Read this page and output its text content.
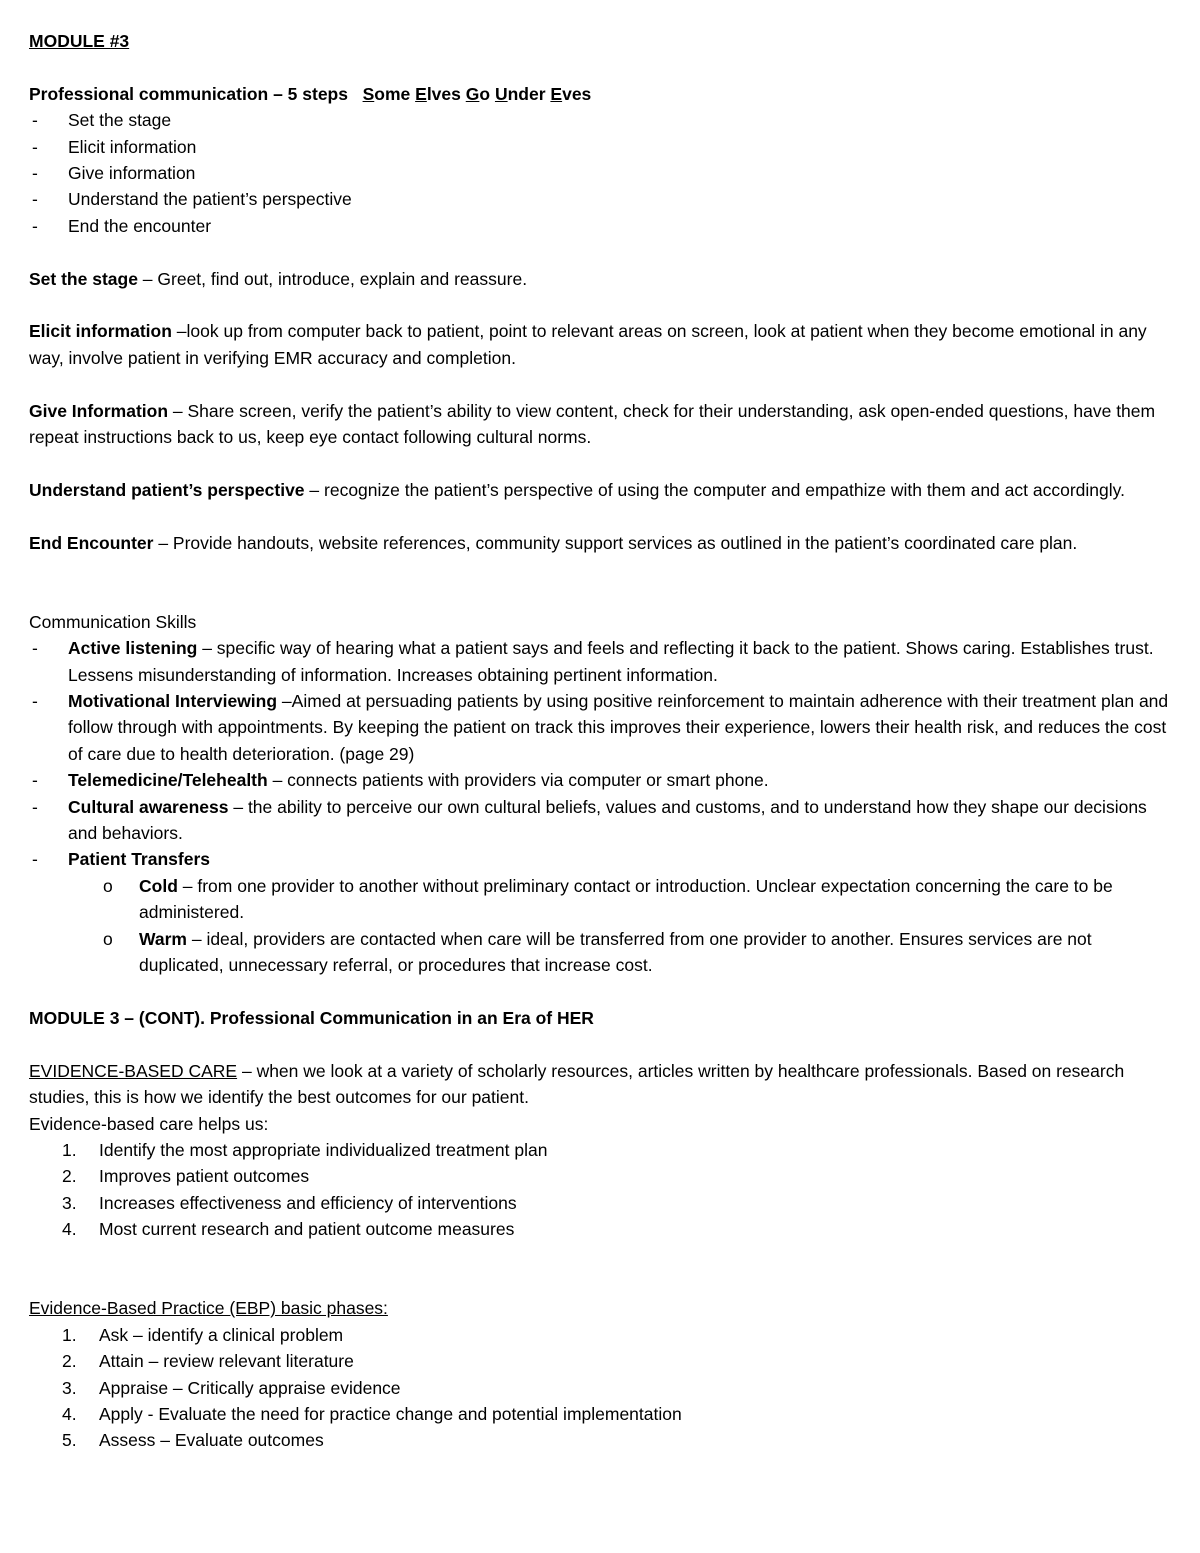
MODULE #3

Professional communication – 5 steps Some Elves Go Under Eves

- Set the stage
- Elicit information
- Give information
- Understand the patient’s perspective
- End the encounter

Set the stage – Greet, find out, introduce, explain and reassure.

Elicit information –look up from computer back to patient, point to relevant areas on screen, look at patient when they become emotional in any way, involve patient in verifying EMR accuracy and completion.

Give Information – Share screen, verify the patient’s ability to view content, check for their understanding, ask open-ended questions, have them repeat instructions back to us, keep eye contact following cultural norms.

Understand patient’s perspective – recognize the patient’s perspective of using the computer and empathize with them and act accordingly.

End Encounter – Provide handouts, website references, community support services as outlined in the patient’s coordinated care plan.

Communication Skills

- Active listening – specific way of hearing what a patient says and feels and reflecting it back to the patient. Shows caring. Establishes trust. Lessens misunderstanding of information. Increases obtaining pertinent information.
- Motivational Interviewing –Aimed at persuading patients by using positive reinforcement to maintain adherence with their treatment plan and follow through with appointments. By keeping the patient on track this improves their experience, lowers their health risk, and reduces the cost of care due to health deterioration. (page 29)
- Telemedicine/Telehealth – connects patients with providers via computer or smart phone.
- Cultural awareness – the ability to perceive our own cultural beliefs, values and customs, and to understand how they shape our decisions and behaviors.
- Patient Transfers
o Cold – from one provider to another without preliminary contact or introduction. Unclear expectation concerning the care to be administered.
o Warm – ideal, providers are contacted when care will be transferred from one provider to another. Ensures services are not duplicated, unnecessary referral, or procedures that increase cost.

MODULE 3 – (CONT). Professional Communication in an Era of HER

EVIDENCE-BASED CARE – when we look at a variety of scholarly resources, articles written by healthcare professionals. Based on research studies, this is how we identify the best outcomes for our patient.

Evidence-based care helps us:

1. Identify the most appropriate individualized treatment plan
2. Improves patient outcomes
3. Increases effectiveness and efficiency of interventions
4. Most current research and patient outcome measures

Evidence-Based Practice (EBP) basic phases:

1. Ask – identify a clinical problem
2. Attain – review relevant literature
3. Appraise – Critically appraise evidence
4. Apply - Evaluate the need for practice change and potential implementation
5. Assess – Evaluate outcomes
